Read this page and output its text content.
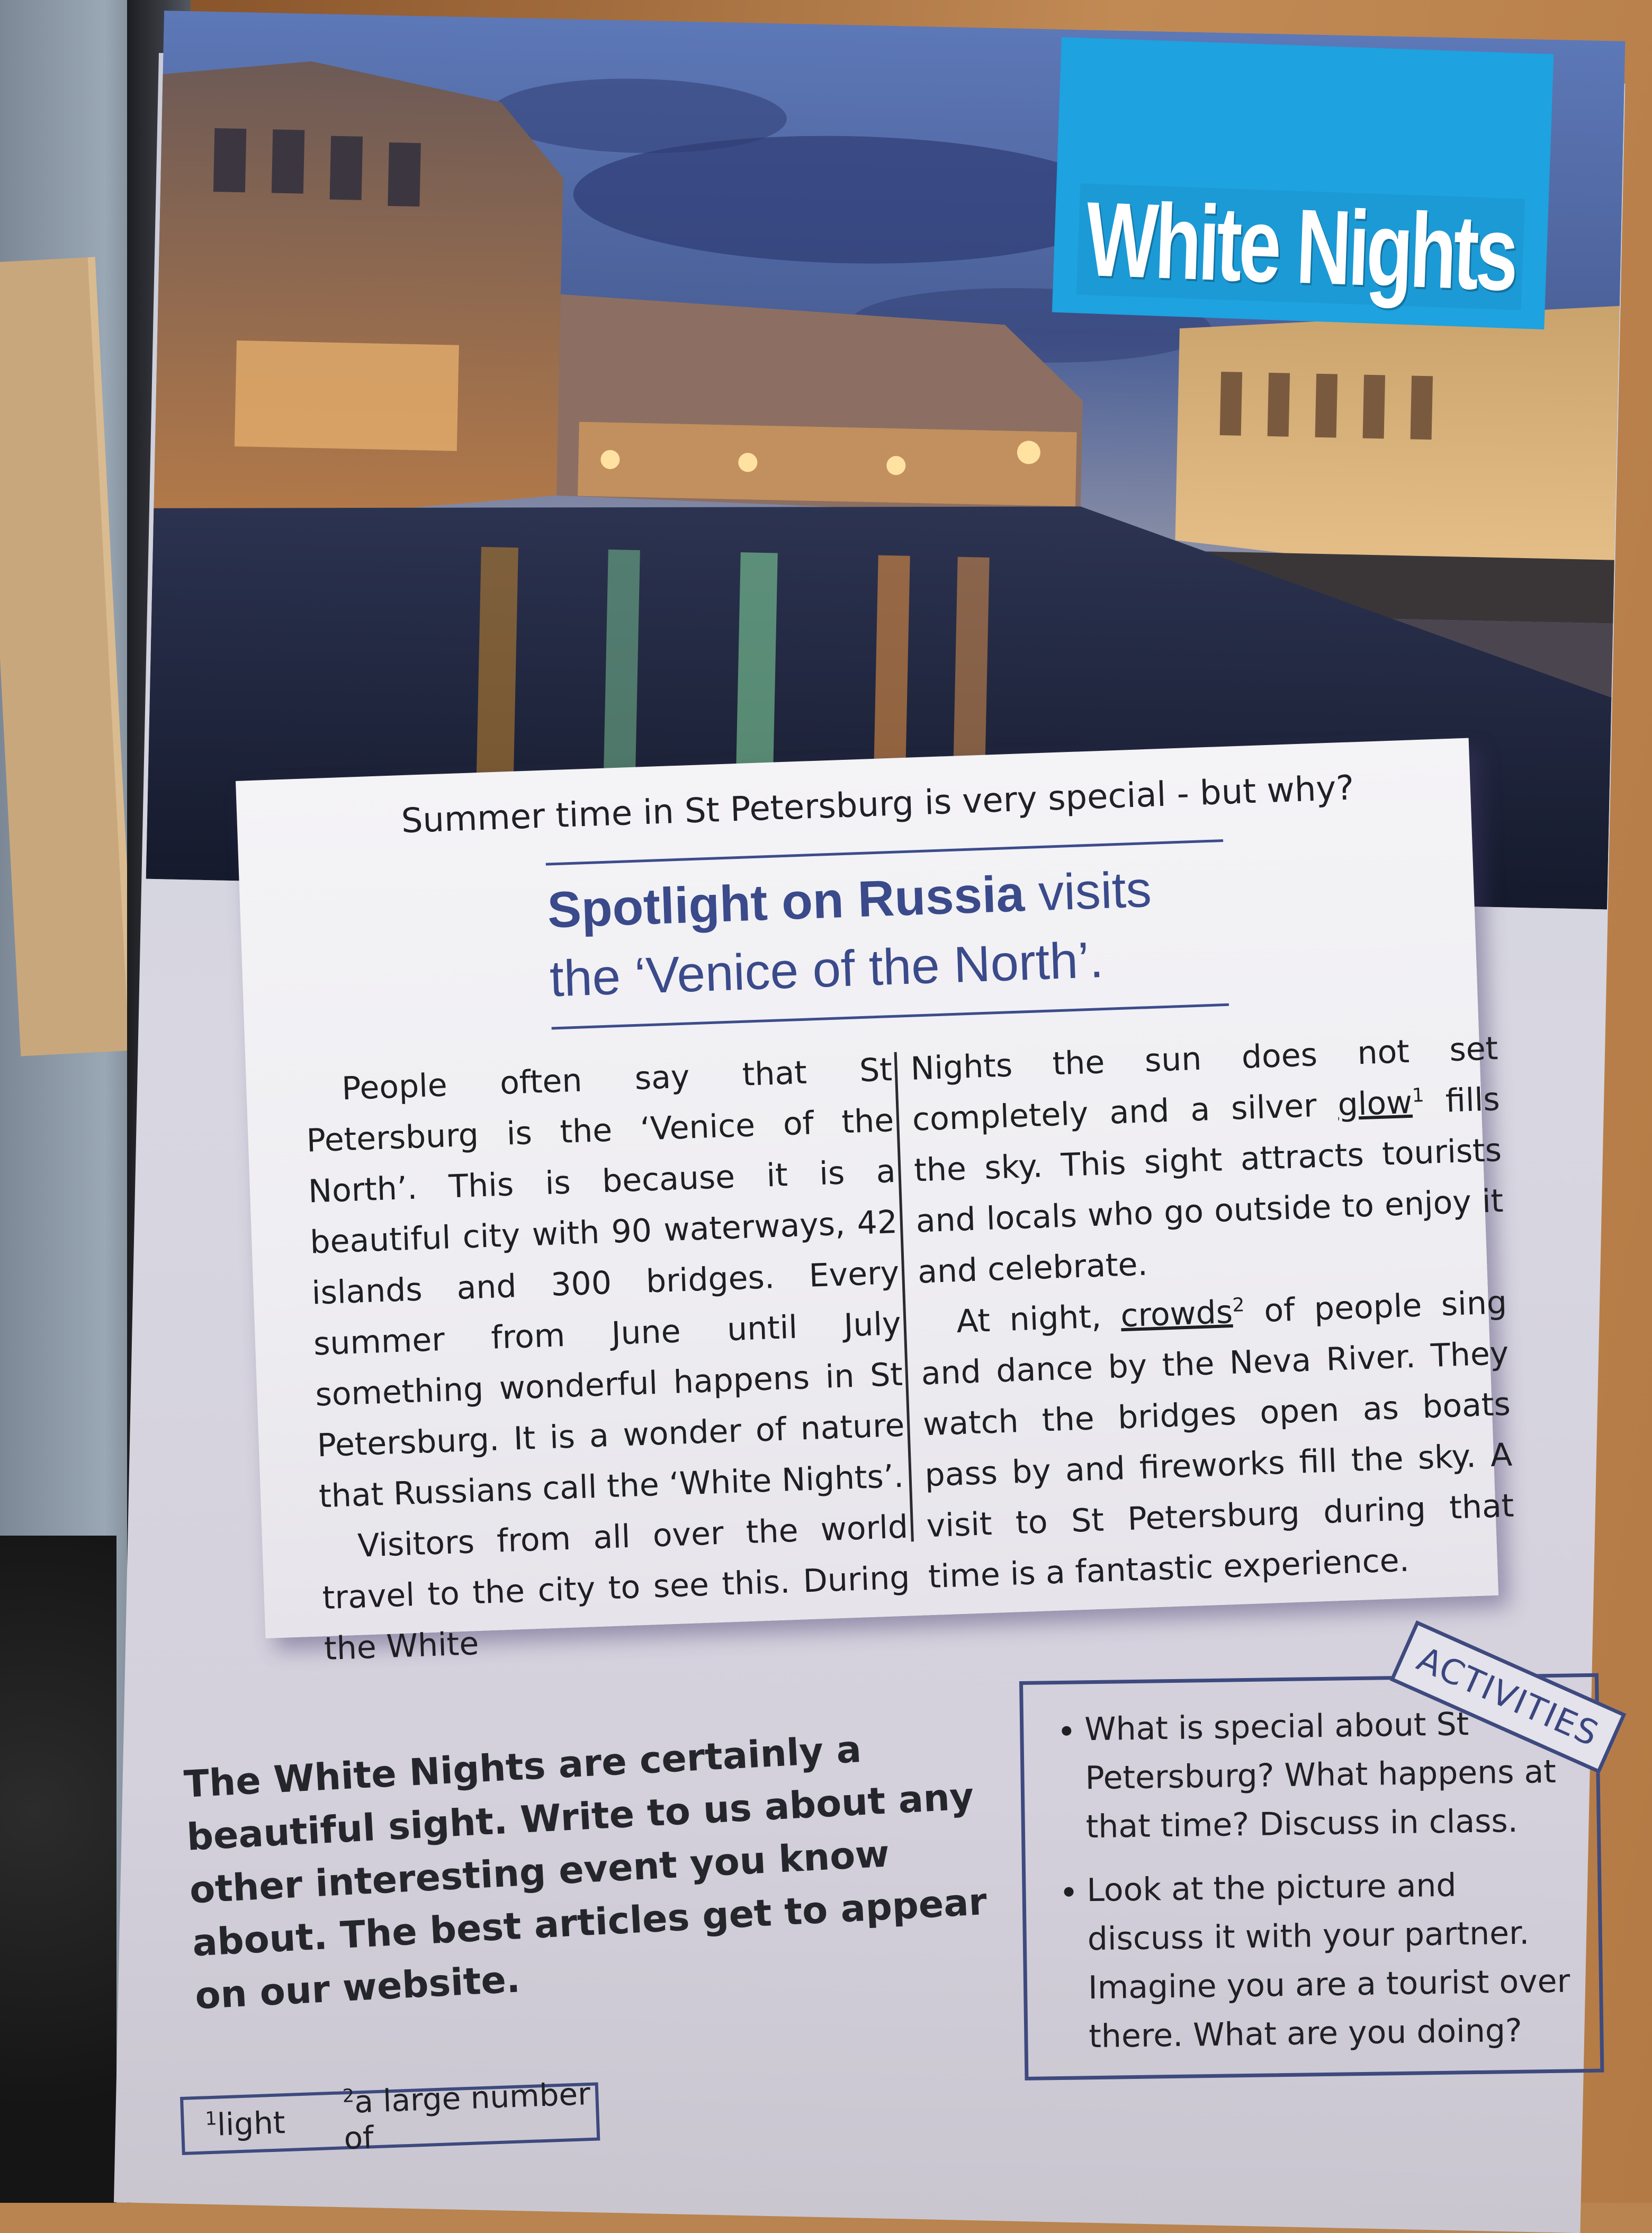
White Nights
Summer time in St Petersburg is very special - but why?
Spotlight on Russia visits
the ‘Venice of the North’.

People often say that St Petersburg is the ‘Venice of the North’. This is because it is a beautiful city with 90 waterways, 42 islands and 300 bridges. Every summer from June until July something wonderful happens in St Petersburg. It is a wonder of nature that Russians call the ‘White Nights’.

Visitors from all over the world travel to the city to see this. During the White

Nights the sun does not set completely and a silver glow$^1$ fills the sky. This sight attracts tourists and locals who go outside to enjoy it and celebrate.

At night, crowds$^2$ of people sing and dance by the Neva River. They watch the bridges open as boats pass by and fireworks fill the sky. A visit to St Petersburg during that time is a fantastic experience.

The White Nights are certainly a beautiful sight. Write to us about any other interesting event you know about. The best articles get to appear on our website.
• What is special about St Petersburg? What happens at that time? Discuss in class.
• Look at the picture and discuss it with your partner. Imagine you are a tourist over there. What are you doing?
ACTIVITIES
$^1$light
$^2$a large number of
